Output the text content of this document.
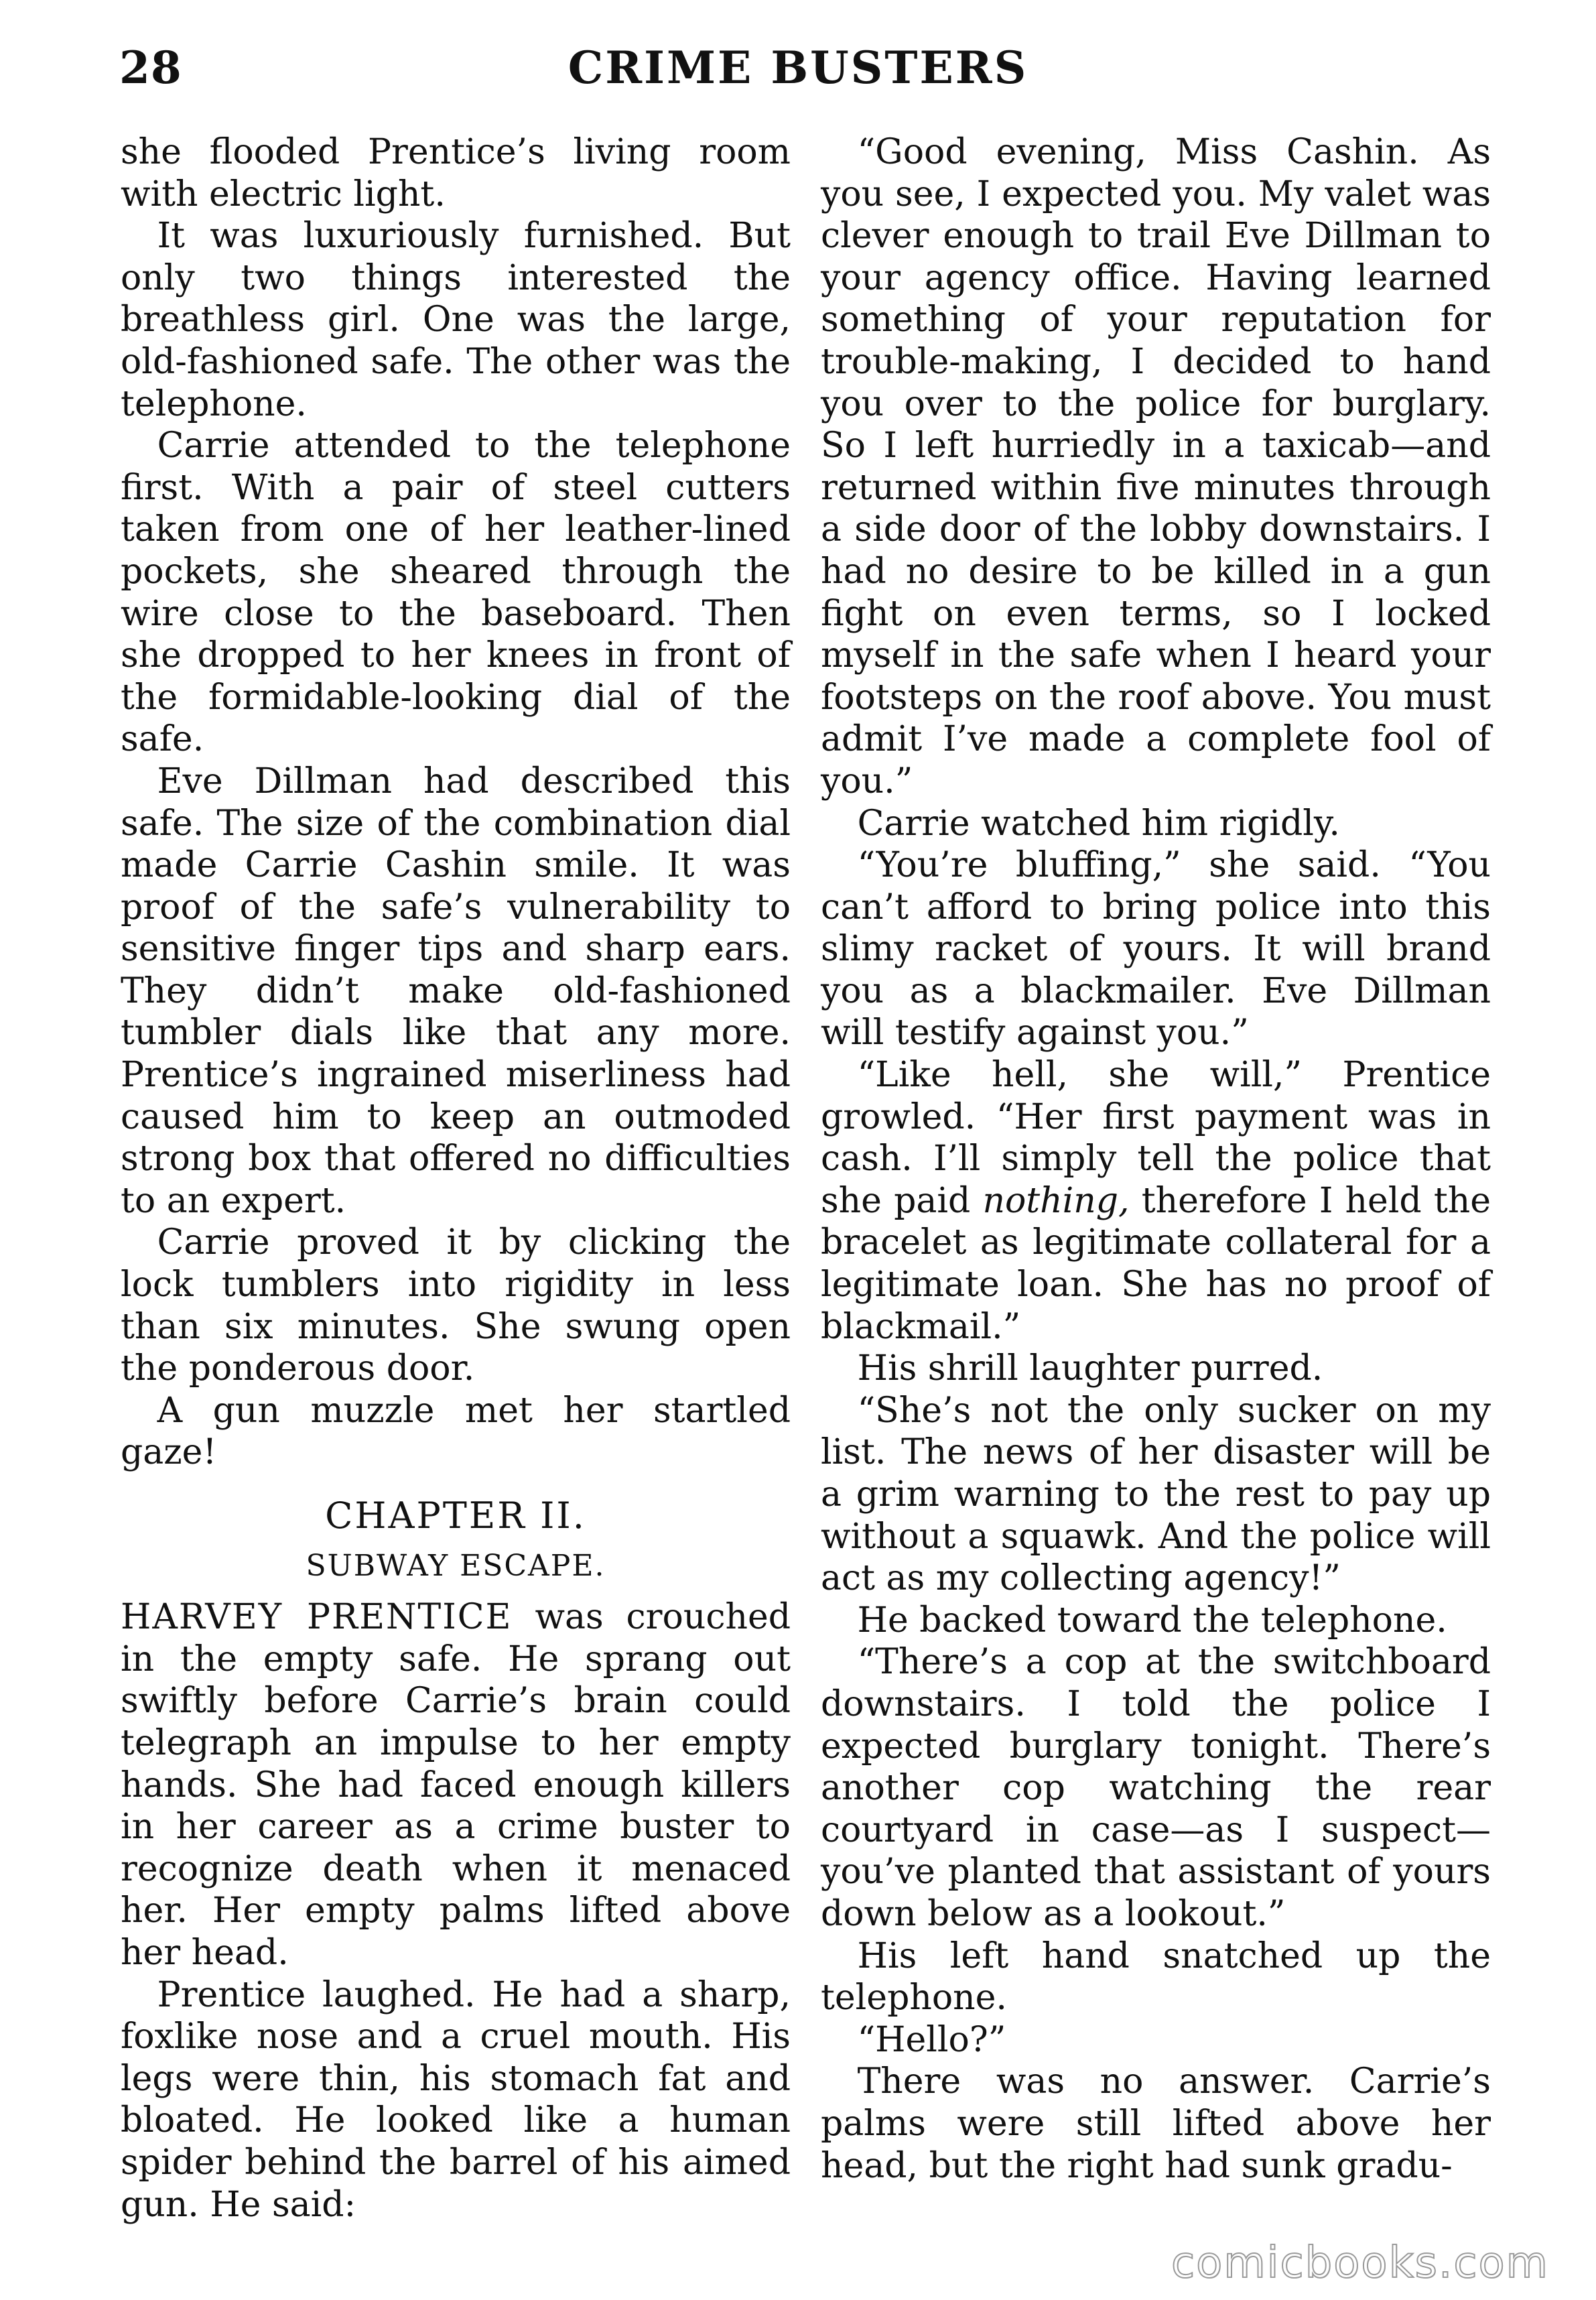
28	CRIME BUSTERS

she flooded Prentice’s living room with electric light.

It was luxuriously furnished. But only two things interested the breathless girl. One was the large, old-fashioned safe. The other was the telephone.

Carrie attended to the telephone first. With a pair of steel cutters taken from one of her leather-lined pockets, she sheared through the wire close to the baseboard. Then she dropped to her knees in front of the formidable-looking dial of the safe.

Eve Dillman had described this safe. The size of the combination dial made Carrie Cashin smile. It was proof of the safe’s vulnerability to sensitive finger tips and sharp ears. They didn’t make old-fashioned tumbler dials like that any more. Prentice’s ingrained miserliness had caused him to keep an outmoded strong box that offered no difficulties to an expert.

Carrie proved it by clicking the lock tumblers into rigidity in less than six minutes. She swung open the ponderous door.

A gun muzzle met her startled gaze!

CHAPTER II.
SUBWAY ESCAPE.

HARVEY PRENTICE was crouched in the empty safe. He sprang out swiftly before Carrie’s brain could telegraph an impulse to her empty hands. She had faced enough killers in her career as a crime buster to recognize death when it menaced her. Her empty palms lifted above her head.

Prentice laughed. He had a sharp, foxlike nose and a cruel mouth. His legs were thin, his stomach fat and bloated. He looked like a human spider behind the barrel of his aimed gun. He said:

“Good evening, Miss Cashin. As you see, I expected you. My valet was clever enough to trail Eve Dillman to your agency office. Having learned something of your reputation for trouble-making, I decided to hand you over to the police for burglary. So I left hurriedly in a taxicab—and returned within five minutes through a side door of the lobby downstairs. I had no desire to be killed in a gun fight on even terms, so I locked myself in the safe when I heard your footsteps on the roof above. You must admit I’ve made a complete fool of you.”

Carrie watched him rigidly.

“You’re bluffing,” she said. “You can’t afford to bring police into this slimy racket of yours. It will brand you as a blackmailer. Eve Dillman will testify against you.”

“Like hell, she will,” Prentice growled. “Her first payment was in cash. I’ll simply tell the police that she paid nothing, therefore I held the bracelet as legitimate collateral for a legitimate loan. She has no proof of blackmail.”

His shrill laughter purred.

“She’s not the only sucker on my list. The news of her disaster will be a grim warning to the rest to pay up without a squawk. And the police will act as my collecting agency!”

He backed toward the telephone.

“There’s a cop at the switchboard downstairs. I told the police I expected burglary tonight. There’s another cop watching the rear courtyard in case—as I suspect—you’ve planted that assistant of yours down below as a lookout.”

His left hand snatched up the telephone.

“Hello?”

There was no answer. Carrie’s palms were still lifted above her head, but the right had sunk gradu-

comicbooks.com
